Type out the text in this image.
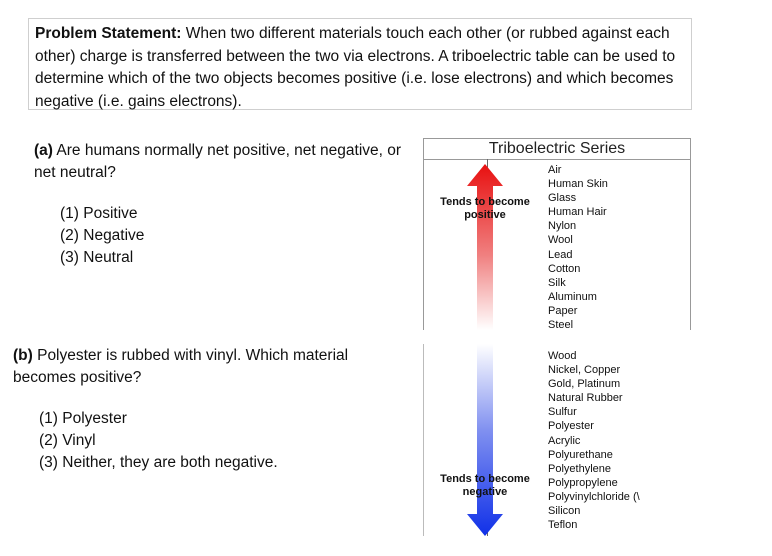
Problem Statement: When two different materials touch each other (or rubbed against each other) charge is transferred between the two via electrons. A triboelectric table can be used to determine which of the two objects becomes positive (i.e. lose electrons) and which becomes negative (i.e. gains electrons).
(a) Are humans normally net positive, net negative, or net neutral?
(1) Positive
(2) Negative
(3) Neutral
(b) Polyester is rubbed with vinyl. Which material becomes positive?
(1) Polyester
(2) Vinyl
(3) Neither, they are both negative.
Triboelectric Series
Tends to become
positive
Tends to become
negative
Air
Human Skin
Glass
Human Hair
Nylon
Wool
Lead
Cotton
Silk
Aluminum
Paper
Steel
Wood
Nickel, Copper
Gold, Platinum
Natural Rubber
Sulfur
Polyester
Acrylic
Polyurethane
Polyethylene
Polypropylene
Polyvinylchloride (\
Silicon
Teflon
